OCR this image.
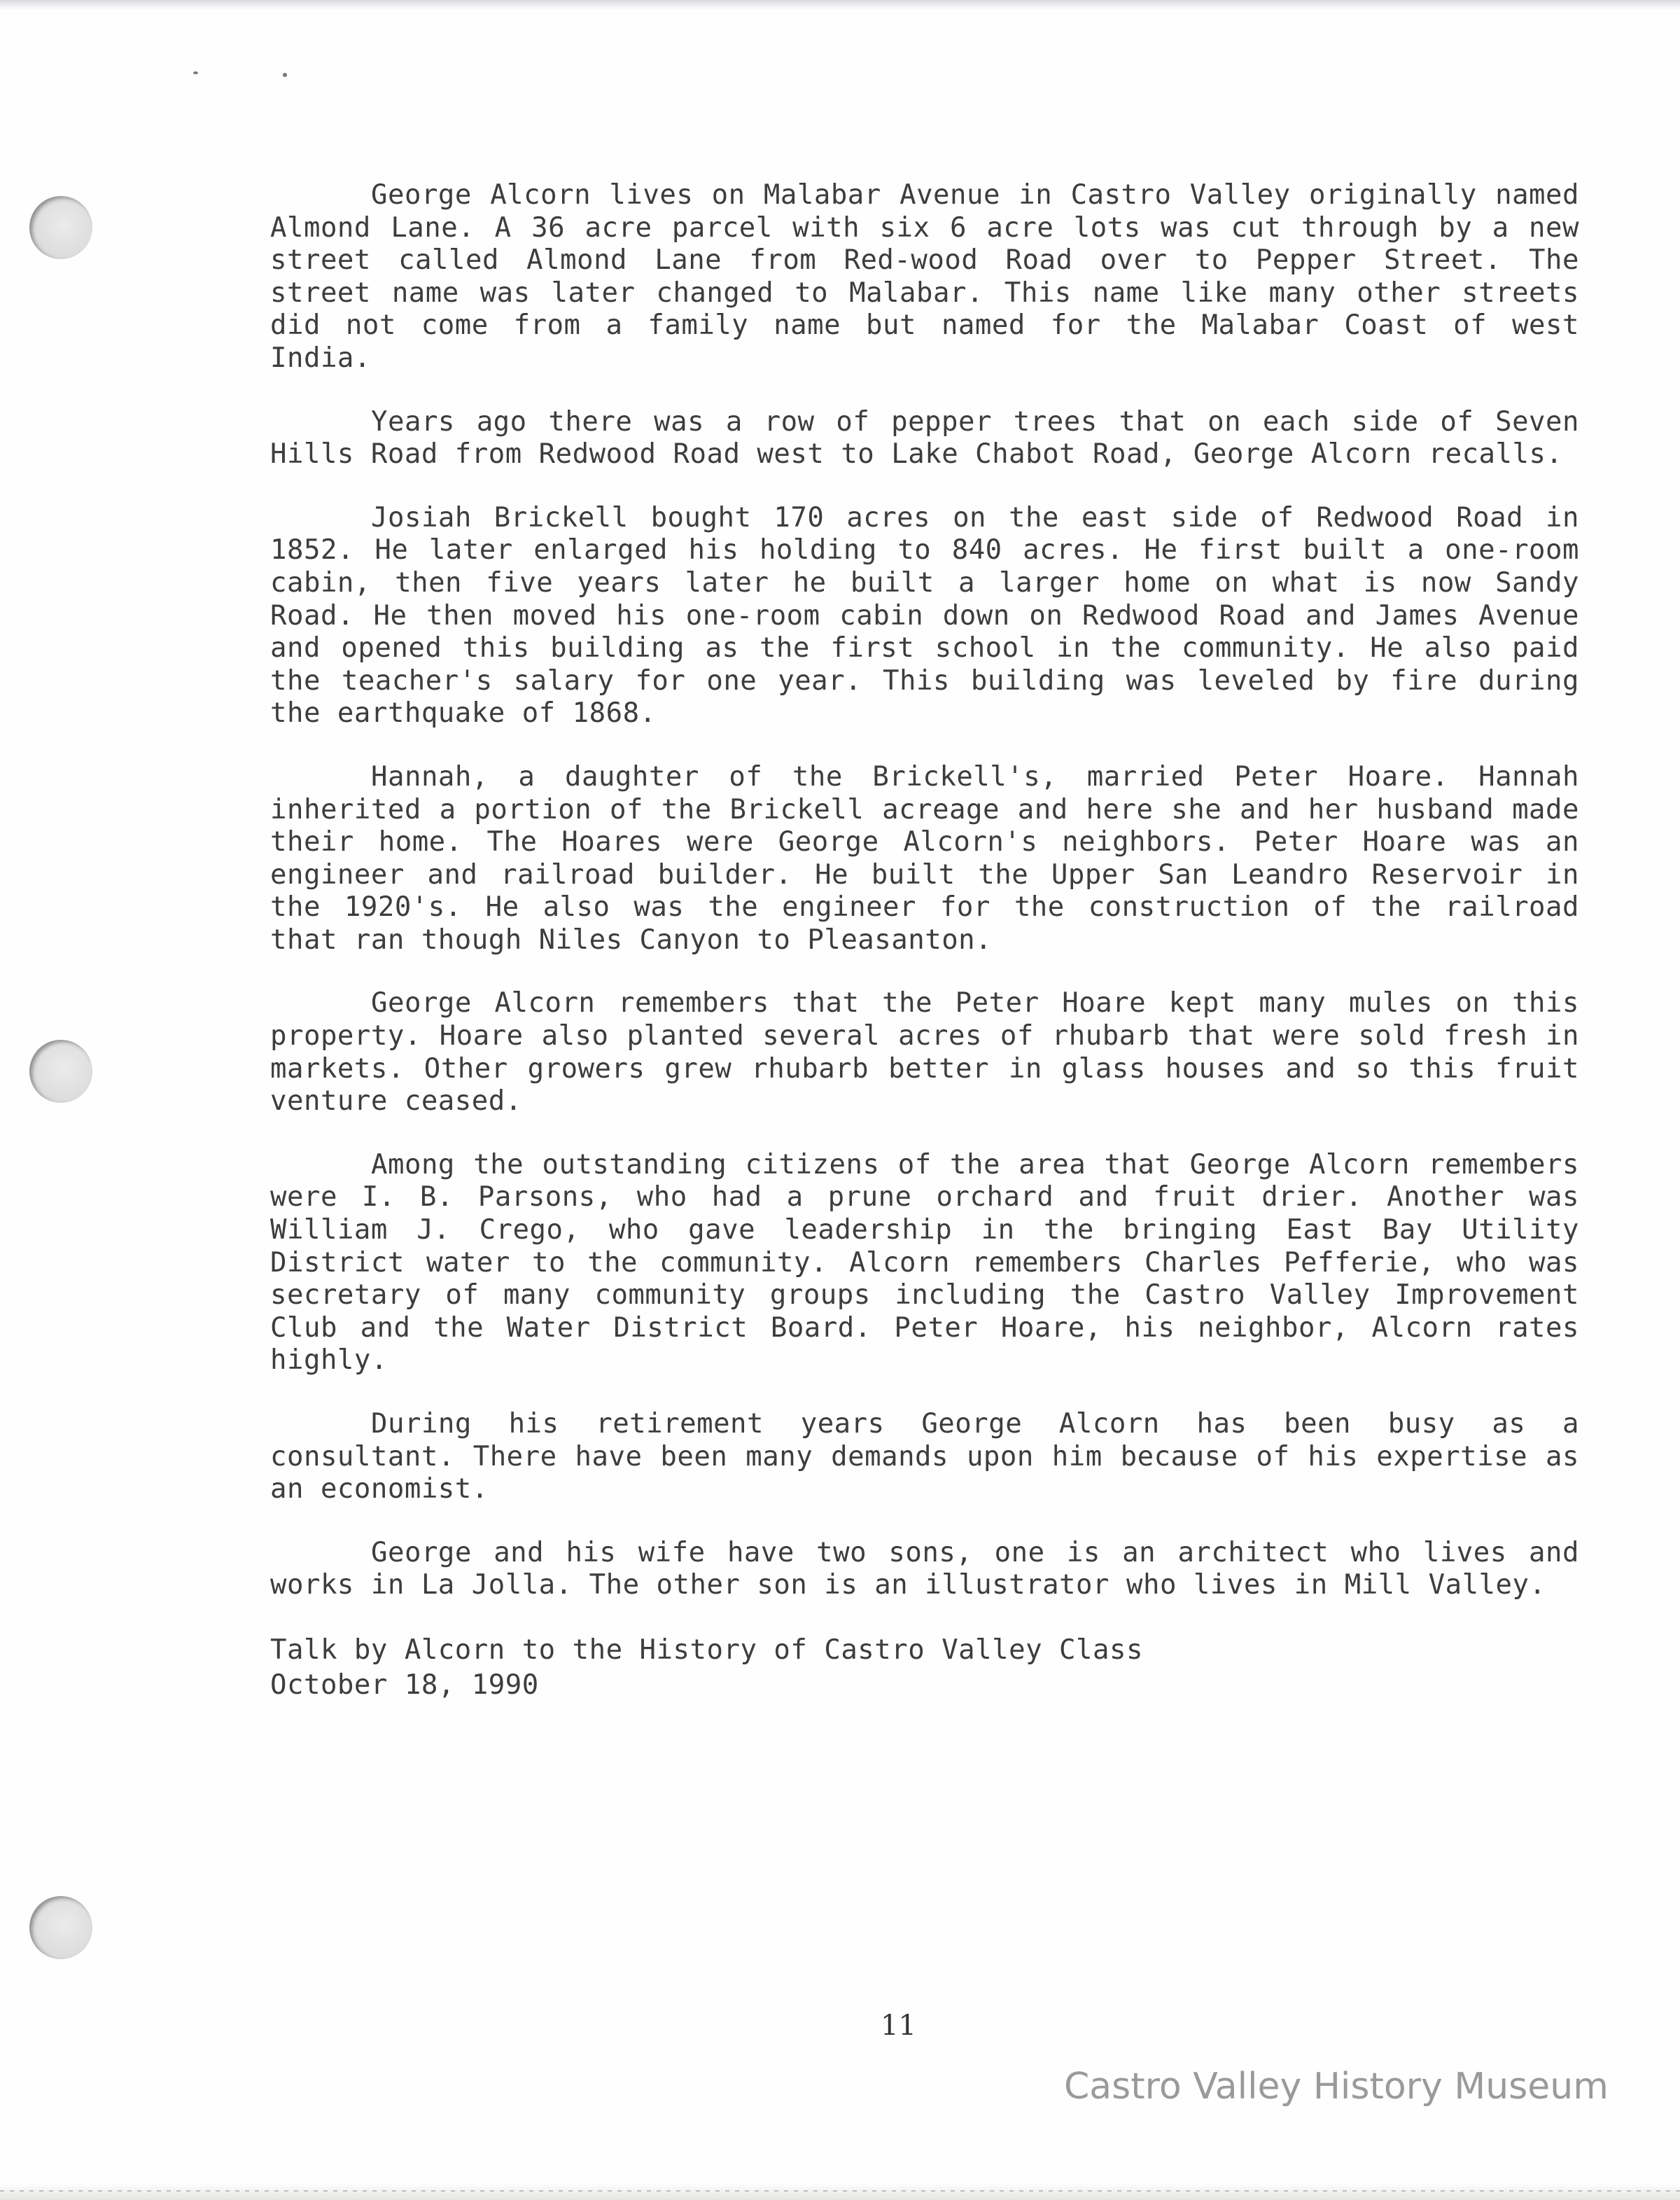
George Alcorn lives on Malabar Avenue in Castro Valley originally named Almond Lane. A 36 acre parcel with six 6 acre lots was cut through by a new street called Almond Lane from Red-wood Road over to Pepper Street. The street name was later changed to Malabar. This name like many other streets did not come from a family name but named for the Malabar Coast of west India.

Years ago there was a row of pepper trees that on each side of Seven Hills Road from Redwood Road west to Lake Chabot Road, George Alcorn recalls.

Josiah Brickell bought 170 acres on the east side of Redwood Road in 1852. He later enlarged his holding to 840 acres. He first built a one-room cabin, then five years later he built a larger home on what is now Sandy Road. He then moved his one-room cabin down on Redwood Road and James Avenue and opened this building as the first school in the community. He also paid the teacher's salary for one year. This building was leveled by fire during the earthquake of 1868.

Hannah, a daughter of the Brickell's, married Peter Hoare. Hannah inherited a portion of the Brickell acreage and here she and her husband made their home. The Hoares were George Alcorn's neighbors. Peter Hoare was an engineer and railroad builder. He built the Upper San Leandro Reservoir in the 1920's. He also was the engineer for the construction of the railroad that ran though Niles Canyon to Pleasanton.

George Alcorn remembers that the Peter Hoare kept many mules on this property. Hoare also planted several acres of rhubarb that were sold fresh in markets. Other growers grew rhubarb better in glass houses and so this fruit venture ceased.

Among the outstanding citizens of the area that George Alcorn remembers were I. B. Parsons, who had a prune orchard and fruit drier. Another was William J. Crego, who gave leadership in the bringing East Bay Utility District water to the community. Alcorn remembers Charles Pefferie, who was secretary of many community groups including the Castro Valley Improvement Club and the Water District Board. Peter Hoare, his neighbor, Alcorn rates highly.

During his retirement years George Alcorn has been busy as a consultant. There have been many demands upon him because of his expertise as an economist.

George and his wife have two sons, one is an architect who lives and works in La Jolla. The other son is an illustrator who lives in Mill Valley.

Talk by Alcorn to the History of Castro Valley Class
October 18, 1990
11
Castro Valley History Museum
